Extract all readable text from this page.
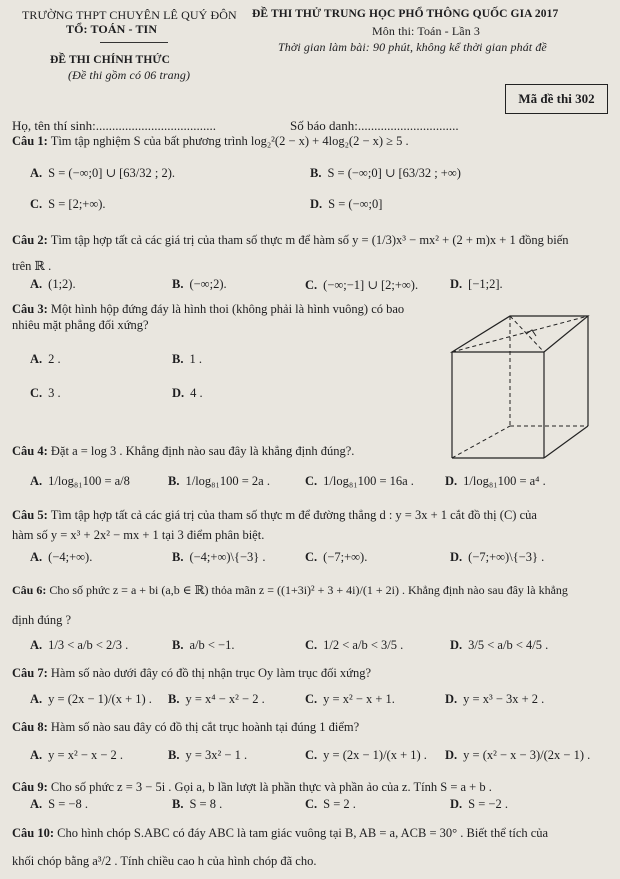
TRƯỜNG THPT CHUYÊN LÊ QUÝ ĐÔN
TỔ: TOÁN - TIN
ĐỀ THI THỬ TRUNG HỌC PHỔ THÔNG QUỐC GIA 2017
Môn thi: Toán - Lần 3
Thời gian làm bài: 90 phút, không kể thời gian phát đề
ĐỀ THI CHÍNH THỨC
(Đề thi gồm có 06 trang)
Mã đề thi 302
Họ, tên thí sinh:.....................................	Số báo danh:...............................
Câu 1: Tìm tập nghiệm S của bất phương trình log₂²(2 − x) + 4log₂(2 − x) ≥ 5 .
A. S = (−∞;0] ∪ [63/32 ; 2).	B. S = (−∞;0] ∪ [63/32 ; +∞)
C. S = [2;+∞).	D. S = (−∞;0]
Câu 2: Tìm tập hợp tất cả các giá trị của tham số thực m để hàm số y = (1/3)x³ − mx² + (2 + m)x + 1 đồng biến
trên ℝ .
A. (1;2).	B. (−∞;2).	C. (−∞;−1] ∪ [2;+∞).	D. [−1;2].
Câu 3: Một hình hộp đứng đáy là hình thoi (không phải là hình vuông) có bao
nhiêu mặt phẳng đối xứng?
A. 2 .	B. 1 .
C. 3 .	D. 4 .
Câu 4: Đặt a = log 3 . Khẳng định nào sau đây là khẳng định đúng?.
A. 1/log₈₁100 = a/8	B. 1/log₈₁100 = 2a .	C. 1/log₈₁100 = 16a . D. 1/log₈₁100 = a⁴ .
Câu 5: Tìm tập hợp tất cả các giá trị của tham số thực m để đường thẳng d : y = 3x + 1 cắt đồ thị (C) của
hàm số y = x³ + 2x² − mx + 1 tại 3 điểm phân biệt.
A. (−4;+∞).	B. (−4;+∞)\{−3} .	C. (−7;+∞).	D. (−7;+∞)\{−3} .
Câu 6: Cho số phức z = a + bi (a,b ∈ ℝ) thỏa mãn z = ((1+3i)² + 3 + 4i)/(1 + 2i) . Khẳng định nào sau đây là khẳng
định đúng ?
A. 1/3 < a/b < 2/3 .	B. a/b < −1.	C. 1/2 < a/b < 3/5 .	D. 3/5 < a/b < 4/5 .
Câu 7: Hàm số nào dưới đây có đồ thị nhận trục Oy làm trục đối xứng?
A. y = (2x − 1)/(x + 1) . B. y = x⁴ − x² − 2 .	C. y = x² − x + 1.	D. y = x³ − 3x + 2 .
Câu 8: Hàm số nào sau đây có đồ thị cắt trục hoành tại đúng 1 điểm?
A. y = x² − x − 2 .	B. y = 3x² − 1 .	C. y = (2x − 1)/(x + 1) . D. y = (x² − x − 3)/(2x − 1) .
Câu 9: Cho số phức z = 3 − 5i . Gọi a, b lần lượt là phần thực và phần ảo của z. Tính S = a + b .
A. S = −8 .	B. S = 8 .	C. S = 2 .	D. S = −2 .
Câu 10: Cho hình chóp S.ABC có đáy ABC là tam giác vuông tại B, AB = a, ACB = 30° . Biết thể tích của
khối chóp bằng a³/2 . Tính chiều cao h của hình chóp đã cho.
